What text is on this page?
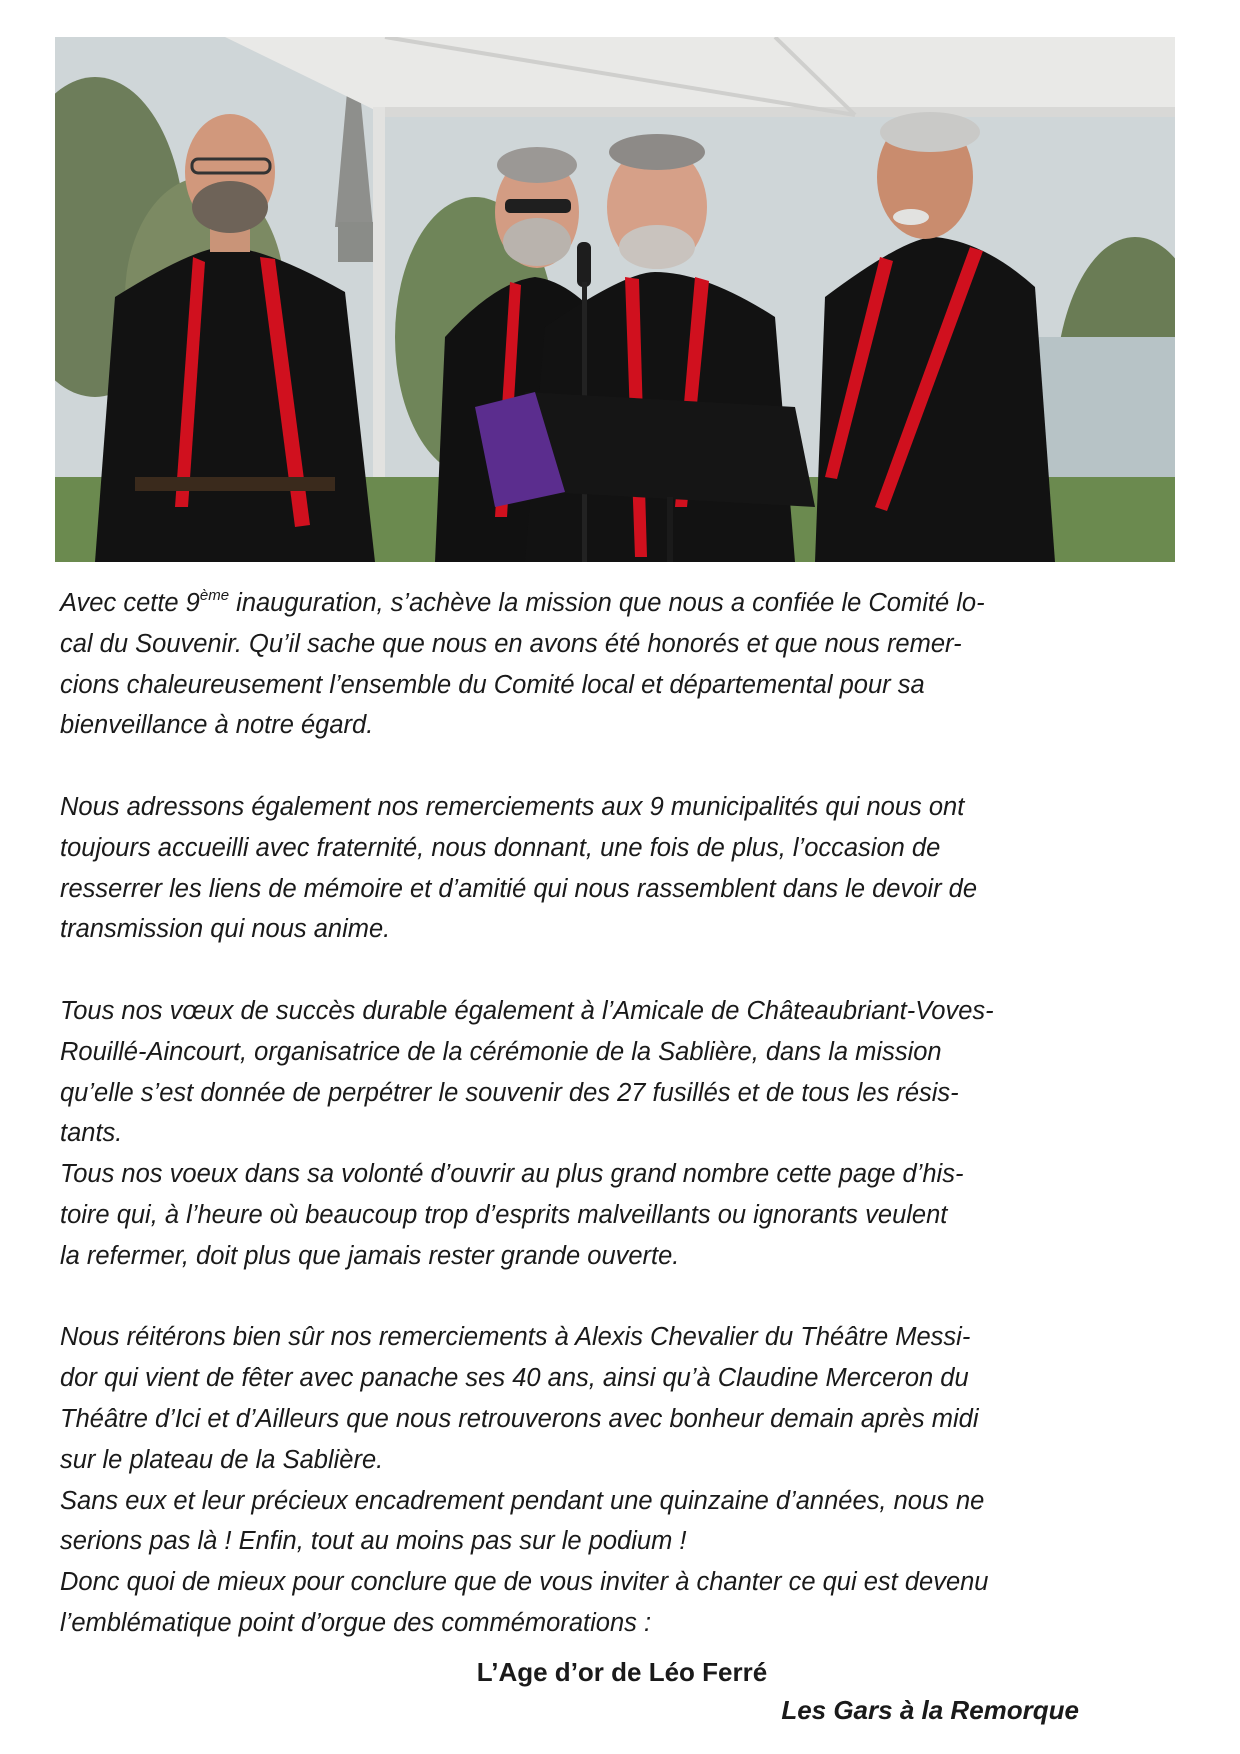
Avec cette 9ème inauguration, s’achève la mission que nous a confiée le Comité lo-
cal du Souvenir. Qu’il sache que nous en avons été honorés et que nous remer-
cions chaleureusement l’ensemble du Comité local et départemental pour sa
bienveillance à notre égard.
Nous adressons également nos remerciements aux 9 municipalités qui nous ont
toujours accueilli avec fraternité, nous donnant, une fois de plus, l’occasion de
resserrer les liens de mémoire et d’amitié qui nous rassemblent dans le devoir de
transmission qui nous anime.
Tous nos vœux de succès durable également à l’Amicale de Châteaubriant-Voves-
Rouillé-Aincourt, organisatrice de la cérémonie de la Sablière, dans la mission
qu’elle s’est donnée de perpétrer le souvenir des 27 fusillés et de tous les résis-
tants.
Tous nos voeux dans sa volonté d’ouvrir au plus grand nombre cette page d’his-
toire qui, à l’heure où beaucoup trop d’esprits malveillants ou ignorants veulent
la refermer, doit plus que jamais rester grande ouverte.
Nous réitérons bien sûr nos remerciements à Alexis Chevalier du Théâtre Messi-
dor qui vient de fêter avec panache ses 40 ans, ainsi qu’à Claudine Merceron du
Théâtre d’Ici et d’Ailleurs que nous retrouverons avec bonheur demain après midi
sur le plateau de la Sablière.
Sans eux et leur précieux encadrement pendant une quinzaine d’années, nous ne
serions pas là ! Enfin, tout au moins pas sur le podium !
Donc quoi de mieux pour conclure que de vous inviter à chanter ce qui est devenu
l’emblématique point d’orgue des commémorations :
L’Age d’or de Léo Ferré
Les Gars à la Remorque
